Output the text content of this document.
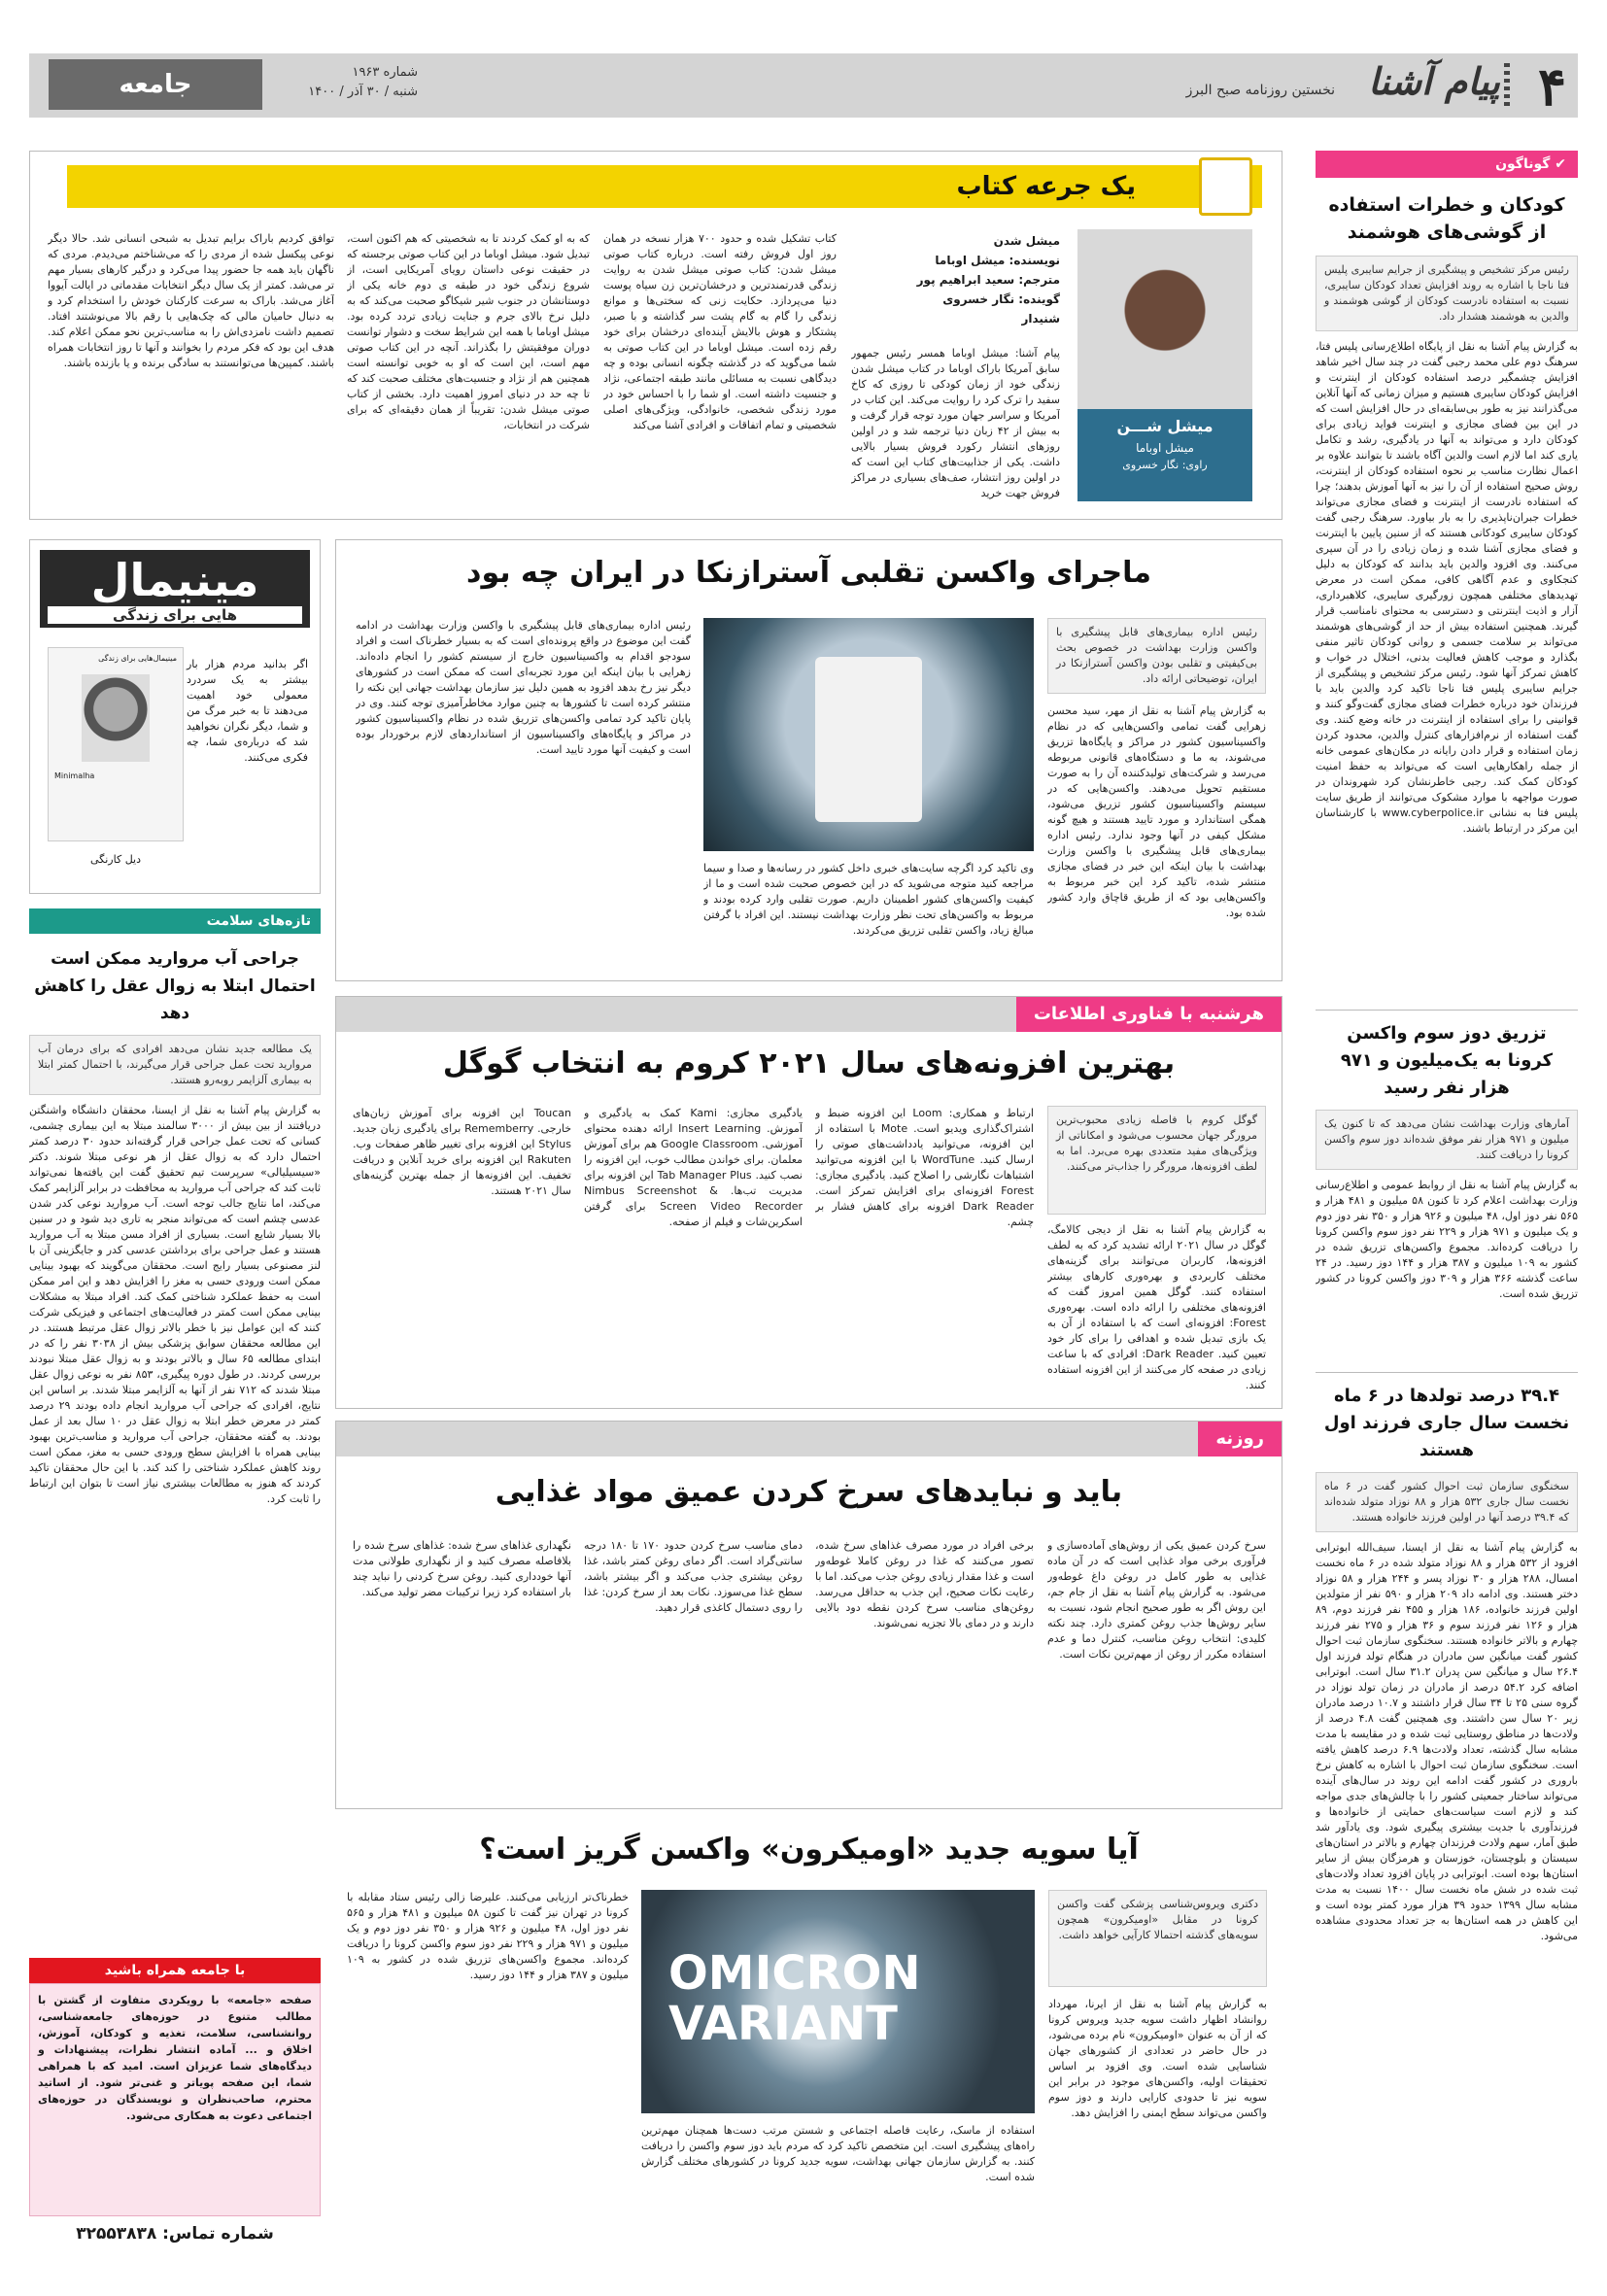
۴
پیام آشنا
نخستین روزنامه صبح البرز
شماره ۱۹۶۳
شنبه / ۳۰ آذر / ۱۴۰۰
جامعه
✔ گوناگون
کودکان و خطرات استفاده از گوشی‌های هوشمند
رئیس مرکز تشخیص و پیشگیری از جرایم سایبری پلیس فتا ناجا با اشاره به روند افزایش تعداد کودکان سایبری، نسبت به استفاده نادرست کودکان از گوشی هوشمند و والدین به هوشمند هشدار داد.
به گزارش پیام آشنا به نقل از پایگاه اطلاع‌رسانی پلیس فتا، سرهنگ دوم علی محمد رجبی گفت در چند سال اخیر شاهد افزایش چشمگیر درصد استفاده کودکان از اینترنت و افزایش کودکان سایبری هستیم و میزان زمانی که آنها آنلاین می‌گذرانند نیز به طور بی‌سابقه‌ای در حال افزایش است که در این بین فضای مجازی و اینترنت فواید زیادی برای کودکان دارد و می‌تواند به آنها در یادگیری، رشد و تکامل یاری کند اما لازم است والدین آگاه باشند تا بتوانند علاوه بر اعمال نظارت مناسب بر نحوه استفاده کودکان از اینترنت، روش صحیح استفاده از آن را نیز به آنها آموزش بدهند؛ چرا که استفاده نادرست از اینترنت و فضای مجازی می‌تواند خطرات جبران‌ناپذیری را به بار بیاورد. سرهنگ رجبی گفت کودکان سایبری کودکانی هستند که از سنین پایین با اینترنت و فضای مجازی آشنا شده و زمان زیادی را در آن سپری می‌کنند. وی افزود والدین باید بدانند که کودکان به دلیل کنجکاوی و عدم آگاهی کافی، ممکن است در معرض تهدیدهای مختلفی همچون زورگیری سایبری، کلاهبرداری، آزار و اذیت اینترنتی و دسترسی به محتوای نامناسب قرار گیرند. همچنین استفاده بیش از حد از گوشی‌های هوشمند می‌تواند بر سلامت جسمی و روانی کودکان تاثیر منفی بگذارد و موجب کاهش فعالیت بدنی، اختلال در خواب و کاهش تمرکز آنها شود. رئیس مرکز تشخیص و پیشگیری از جرایم سایبری پلیس فتا ناجا تاکید کرد والدین باید با فرزندان خود درباره خطرات فضای مجازی گفت‌وگو کنند و قوانینی را برای استفاده از اینترنت در خانه وضع کنند. وی گفت استفاده از نرم‌افزارهای کنترل والدین، محدود کردن زمان استفاده و قرار دادن رایانه در مکان‌های عمومی خانه از جمله راهکارهایی است که می‌تواند به حفظ امنیت کودکان کمک کند. رجبی خاطرنشان کرد شهروندان در صورت مواجهه با موارد مشکوک می‌توانند از طریق سایت پلیس فتا به نشانی www.cyberpolice.ir با کارشناسان این مرکز در ارتباط باشند.
تزریق دوز سوم واکسن کرونا به یک‌میلیون و ۹۷۱ هزار نفر رسید
آمارهای وزارت بهداشت نشان می‌دهد که تا کنون یک میلیون و ۹۷۱ هزار نفر موفق شده‌اند دوز سوم واکسن کرونا را دریافت کنند.
به گزارش پیام آشنا به نقل از روابط عمومی و اطلاع‌رسانی وزارت بهداشت اعلام کرد تا کنون ۵۸ میلیون و ۴۸۱ هزار و ۵۶۵ نفر دوز اول، ۴۸ میلیون و ۹۲۶ هزار و ۳۵۰ نفر دوز دوم و یک میلیون و ۹۷۱ هزار و ۲۲۹ نفر دوز سوم واکسن کرونا را دریافت کرده‌اند. مجموع واکسن‌های تزریق شده در کشور به ۱۰۹ میلیون و ۳۸۷ هزار و ۱۴۴ دوز رسید. در ۲۴ ساعت گذشته ۳۶۶ هزار و ۳۰۹ دوز واکسن کرونا در کشور تزریق شده است.
۳۹.۴ درصد تولدها در ۶ ماه نخست سال جاری فرزند اول هستند
سخنگوی سازمان ثبت احوال کشور گفت در ۶ ماه نخست سال جاری ۵۳۲ هزار و ۸۸ نوزاد متولد شده‌اند که ۳۹.۴ درصد آنها در اولین فرزند خانواده هستند.
به گزارش پیام آشنا به نقل از ایسنا، سیف‌الله ابوترابی افزود از ۵۳۲ هزار و ۸۸ نوزاد متولد شده در ۶ ماه نخست امسال، ۲۸۸ هزار و ۳۰ نوزاد پسر و ۲۴۴ هزار و ۵۸ نوزاد دختر هستند. وی ادامه داد ۲۰۹ هزار و ۵۹۰ نفر از متولدین اولین فرزند خانواده، ۱۸۶ هزار و ۴۵۵ نفر فرزند دوم، ۸۹ هزار و ۱۲۶ نفر فرزند سوم و ۳۶ هزار و ۲۷۵ نفر فرزند چهارم و بالاتر خانواده هستند. سخنگوی سازمان ثبت احوال کشور گفت میانگین سن مادران در هنگام تولد فرزند اول ۲۶.۴ سال و میانگین سن پدران ۳۱.۲ سال است. ابوترابی اضافه کرد ۵۴.۲ درصد از مادران در زمان تولد نوزاد در گروه سنی ۲۵ تا ۳۴ سال قرار داشتند و ۱۰.۷ درصد مادران زیر ۲۰ سال سن داشتند. وی همچنین گفت ۴.۸ درصد از ولادت‌ها در مناطق روستایی ثبت شده و در مقایسه با مدت مشابه سال گذشته، تعداد ولادت‌ها ۶.۹ درصد کاهش یافته است. سخنگوی سازمان ثبت احوال با اشاره به کاهش نرخ باروری در کشور گفت ادامه این روند در سال‌های آینده می‌تواند ساختار جمعیتی کشور را با چالش‌های جدی مواجه کند و لازم است سیاست‌های حمایتی از خانواده‌ها و فرزندآوری با جدیت بیشتری پیگیری شود. وی یادآور شد طبق آمار، سهم ولادت فرزندان چهارم و بالاتر در استان‌های سیستان و بلوچستان، خوزستان و هرمزگان بیش از سایر استان‌ها بوده است. ابوترابی در پایان افزود تعداد ولادت‌های ثبت شده در شش ماه نخست سال ۱۴۰۰ نسبت به مدت مشابه سال ۱۳۹۹ حدود ۳۹ هزار مورد کمتر بوده است و این کاهش در همه استان‌ها به جز تعداد محدودی مشاهده می‌شود.
یک جرعه کتاب
میشل شـــن
میشل اوباما
راوی: نگار خسروی
میشل شدن
نویسنده: میشل اوباما
مترجم: سعید ابراهیم پور
گوینده: نگار خسروی
شنیدار
پیام آشنا: میشل اوباما همسر رئیس جمهور سابق آمریکا باراک اوباما در کتاب میشل شدن زندگی خود از زمان کودکی تا روزی که کاخ سفید را ترک کرد را روایت می‌کند. این کتاب در آمریکا و سراسر جهان مورد توجه قرار گرفت و به بیش از ۴۲ زبان دنیا ترجمه شد و در اولین روزهای انتشار رکورد فروش بسیار بالایی داشت. یکی از جذابیت‌های کتاب این است که در اولین روز انتشار، صف‌های بسیاری در مراکز فروش جهت خرید
کتاب تشکیل شده و حدود ۷۰۰ هزار نسخه در همان روز اول فروش رفته است. درباره کتاب صوتی میشل شدن: کتاب صوتی میشل شدن به روایت زندگی قدرتمندترین و درخشان‌ترین زن سیاه پوست دنیا می‌پردازد. حکایت زنی که سختی‌ها و موانع زندگی را گام به گام پشت سر گذاشته و با صبر، پشتکار و هوش بالایش آینده‌ای درخشان برای خود رقم زده است. میشل اوباما در این کتاب صوتی به شما می‌گوید که در گذشته چگونه انسانی بوده و چه دیدگاهی نسبت به مسائلی مانند طبقه اجتماعی، نژاد و جنسیت داشته است. او شما را با احساس خود در مورد زندگی شخصی، خانوادگی، ویژگی‌های اصلی شخصیتی و تمام اتفاقات و افرادی آشنا می‌کند
که به او کمک کردند تا به شخصیتی که هم اکنون است، تبدیل شود. میشل اوباما در این کتاب صوتی برجسته که در حقیقت نوعی داستان رویای آمریکایی است، از شروع زندگی خود در طبقه ی دوم خانه یکی از دوستانشان در جنوب شیر شیکاگو صحبت می‌کند که به دلیل نرخ بالای جرم و جنایت زیادی تردد کرده بود. میشل اوباما با همه این شرایط سخت و دشوار توانست دوران موفقیتش را بگذراند. آنچه در این کتاب صوتی مهم است، این است که او به خوبی توانسته است همچنین هم از نژاد و جنسیت‌های مختلف صحبت کند که تا چه حد در دنیای امروز اهمیت دارد. بخشی از کتاب صوتی میشل شدن: تقریباً از همان دقیقه‌ای که برای شرکت در انتخابات،
توافق کردیم باراک برایم تبدیل به شبحی انسانی شد. حالا دیگر نوعی پیکسل شده از مردی را که می‌شناختم می‌دیدم. مردی که ناگهان باید همه جا حضور پیدا می‌کرد و درگیر کارهای بسیار مهم تر می‌شد. کمتر از یک سال دیگر انتخابات مقدماتی در ایالت آیووا آغاز می‌شد. باراک به سرعت کارکنان خودش را استخدام کرد و به دنبال حامیان مالی که چک‌هایی با رقم بالا می‌نوشتند افتاد. تصمیم داشت نامزدی‌اش را به مناسب‌ترین نحو ممکن اعلام کند. هدف این بود که فکر مردم را بخوانند و آنها تا روز انتخابات همراه باشند. کمپین‌ها می‌توانستند به سادگی برنده و یا بازنده باشند.
مینیمال
هایی برای زندگی
مینیمال‌هایی برای زندگی
Minimalha
اگر بدانید مردم هزار بار بیشتر به یک سردرد معمولی خود اهمیت می‌دهند تا به خبر مرگ من و شما، دیگر نگران نخواهید شد که درباره‌ی شما، چه فکری می‌کنند.
دیل کارنگی
تازه‌های سلامت
جراحی آب مروارید ممکن است احتمال ابتلا به زوال عقل را کاهش دهد
یک مطالعه جدید نشان می‌دهد افرادی که برای درمان آب مروارید تحت عمل جراحی قرار می‌گیرند، با احتمال کمتر ابتلا به بیماری آلزایمر روبه‌رو هستند.
به گزارش پیام آشنا به نقل از ایسنا، محققان دانشگاه واشنگتن دریافتند از بین بیش از ۳۰۰۰ سالمند مبتلا به این بیماری چشمی، کسانی که تحت عمل جراحی قرار گرفته‌اند حدود ۳۰ درصد کمتر احتمال دارد که به زوال عقل از هر نوعی مبتلا شوند. دکتر «سیسیلیالی» سرپرست تیم تحقیق گفت این یافته‌ها نمی‌تواند ثابت کند که جراحی آب مروارید به محافظت در برابر آلزایمر کمک می‌کند، اما نتایج جالب توجه است. آب مروارید نوعی کدر شدن عدسی چشم است که می‌تواند منجر به تاری دید شود و در سنین بالا بسیار شایع است. بسیاری از افراد مسن مبتلا به آب مروارید هستند و عمل جراحی برای برداشتن عدسی کدر و جایگزینی آن با لنز مصنوعی بسیار رایج است. محققان می‌گویند که بهبود بینایی ممکن است ورودی حسی به مغز را افزایش دهد و این امر ممکن است به حفظ عملکرد شناختی کمک کند. افراد مبتلا به مشکلات بینایی ممکن است کمتر در فعالیت‌های اجتماعی و فیزیکی شرکت کنند که این عوامل نیز با خطر بالاتر زوال عقل مرتبط هستند. در این مطالعه محققان سوابق پزشکی بیش از ۳۰۳۸ نفر را که در ابتدای مطالعه ۶۵ سال و بالاتر بودند و به زوال عقل مبتلا نبودند بررسی کردند. در طول دوره پیگیری، ۸۵۳ نفر به نوعی زوال عقل مبتلا شدند که ۷۱۲ نفر از آنها به آلزایمر مبتلا شدند. بر اساس این نتایج، افرادی که جراحی آب مروارید انجام داده بودند ۲۹ درصد کمتر در معرض خطر ابتلا به زوال عقل در ۱۰ سال بعد از عمل بودند. به گفته محققان، جراحی آب مروارید و مناسب‌ترین بهبود بینایی همراه با افزایش سطح ورودی حسی به مغز، ممکن است روند کاهش عملکرد شناختی را کند کند. با این حال محققان تاکید کردند که هنوز به مطالعات بیشتری نیاز است تا بتوان این ارتباط را ثابت کرد.
با جامعه همراه باشید
صفحه «جامعه» با رویکردی متفاوت از گشتن با مطالب متنوع در حوزه‌های جامعه‌شناسی، روانشناسی، سلامت، تغذیه و کودکان، آموزش، اخلاق و ... آماده انتشار نظرات، پیشنهادات و دیدگاه‌های شما عزیزان است. امید که با همراهی شما، این صفحه پویاتر و غنی‌تر شود. از اساتید محترم، صاحب‌نظران و نویسندگان در حوزه‌های اجتماعی دعوت به همکاری می‌شود.
شماره تماس: ۳۲۵۵۳۸۳۸
ماجرای واکسن تقلبی آسترازنکا در ایران چه بود
رئیس اداره بیماری‌های قابل پیشگیری با واکسن وزارت بهداشت در خصوص بحث بی‌کیفیتی و تقلبی بودن واکسن آسترازنکا در ایران، توضیحاتی ارائه داد.
به گزارش پیام آشنا به نقل از مهر، سید محسن زهرایی گفت تمامی واکسن‌هایی که در نظام واکسیناسیون کشور در مراکز و پایگاه‌ها تزریق می‌شوند، به ما و دستگاه‌های قانونی مربوطه می‌رسد و شرکت‌های تولیدکننده آن را به صورت مستقیم تحویل می‌دهند. واکسن‌هایی که در سیستم واکسیناسیون کشور تزریق می‌شود، همگی استاندارد و مورد تایید هستند و هیچ گونه مشکل کیفی در آنها وجود ندارد. رئیس اداره بیماری‌های قابل پیشگیری با واکسن وزارت بهداشت با بیان اینکه این خبر در فضای مجازی منتشر شده، تاکید کرد این خبر مربوط به واکسن‌هایی بود که از طریق قاچاق وارد کشور شده بود.
وی تاکید کرد اگرچه سایت‌های خبری داخل کشور در رسانه‌ها و صدا و سیما مراجعه کنید متوجه می‌شوید که در این خصوص صحبت شده است و ما از کیفیت واکسن‌های کشور اطمینان داریم. صورت تقلبی وارد کرده بودند و مربوط به واکسن‌های تحت نظر وزارت بهداشت نیستند. این افراد با گرفتن مبالغ زیاد، واکسن تقلبی تزریق می‌کردند.
رئیس اداره بیماری‌های قابل پیشگیری با واکسن وزارت بهداشت در ادامه گفت این موضوع در واقع پرونده‌ای است که به بسیار خطرناک است و افراد سودجو اقدام به واکسیناسیون خارج از سیستم کشور را انجام داده‌اند. زهرایی با بیان اینکه این مورد تجربه‌ای است که ممکن است در کشورهای دیگر نیز رخ بدهد افزود به همین دلیل نیز سازمان بهداشت جهانی این نکته را منتشر کرده است تا کشورها به چنین موارد مخاطرآمیزی توجه کنند. وی در پایان تاکید کرد تمامی واکسن‌های تزریق شده در نظام واکسیناسیون کشور در مراکز و پایگاه‌های واکسیناسیون از استانداردهای لازم برخوردار بوده است و کیفیت آنها مورد تایید است.
هرشنبه با فناوری اطلاعات
بهترین افزونه‌های سال ۲۰۲۱ کروم به انتخاب گوگل
گوگل کروم با فاصله زیادی محبوب‌ترین مرورگر جهان محسوب می‌شود و امکاناتی از ویژگی‌های مفید متعددی بهره می‌برد. اما به لطف افزونه‌ها، مرورگر را جذاب‌تر می‌کنند.
به گزارش پیام آشنا به نقل از دیجی کالامگ، گوگل در سال ۲۰۲۱ ارائه تشدید کرد که به لطف افزونه‌ها، کاربران می‌توانند برای گزینه‌های مختلف کاربردی و بهره‌وری کارهای بیشتر استفاده کنند. گوگل همین امروز گفت که افزونه‌های مختلفی را ارائه داده است. بهره‌وری Forest: افزونه‌ای است که با استفاده از آن به یک بازی تبدیل شده و اهدافی را برای کار خود تعیین کنید. Dark Reader: افرادی که با ساعت زیادی در صفحه کار می‌کنند از این افزونه استفاده کنند.
ارتباط و همکاری: Loom این افزونه ضبط و اشتراک‌گذاری ویدیو است. Mote با استفاده از این افزونه، می‌توانید یادداشت‌های صوتی را ارسال کنید. WordTune با این افزونه می‌توانید اشتباهات نگارشی را اصلاح کنید. یادگیری مجازی: Forest افزونه‌ای برای افزایش تمرکز است. Dark Reader افزونه برای کاهش فشار بر چشم.
یادگیری مجازی: Kami کمک به یادگیری و آموزش. Insert Learning ارائه دهنده محتوای آموزشی. Google Classroom هم برای آموزش معلمان. برای خواندن مطالب خوب، این افزونه را نصب کنید. Tab Manager Plus این افزونه برای مدیریت تب‌ها. Nimbus Screenshot & Screen Video Recorder برای گرفتن اسکرین‌شات و فیلم از صفحه.
Toucan این افزونه برای آموزش زبان‌های خارجی. Rememberry برای یادگیری زبان جدید. Stylus این افزونه برای تغییر ظاهر صفحات وب. Rakuten این افزونه برای خرید آنلاین و دریافت تخفیف. این افزونه‌ها از جمله بهترین گزینه‌های سال ۲۰۲۱ هستند.
روزنه
باید و نبایدهای سرخ کردن عمیق مواد غذایی
سرخ کردن عمیق یکی از روش‌های آماده‌سازی و فرآوری برخی مواد غذایی است که در آن ماده غذایی به طور کامل در روغن داغ غوطه‌ور می‌شود. به گزارش پیام آشنا به نقل از جام جم، این روش اگر به طور صحیح انجام شود، نسبت به سایر روش‌ها جذب روغن کمتری دارد. چند نکته کلیدی: انتخاب روغن مناسب، کنترل دما و عدم استفاده مکرر از روغن از مهم‌ترین نکات است.
برخی افراد در مورد مصرف غذاهای سرخ شده، تصور می‌کنند که غذا در روغن کاملا غوطه‌ور است و غذا مقدار زیادی روغن جذب می‌کند. اما با رعایت نکات صحیح، این جذب به حداقل می‌رسد. روغن‌های مناسب سرخ کردن نقطه دود بالایی دارند و در دمای بالا تجزیه نمی‌شوند.
دمای مناسب سرخ کردن حدود ۱۷۰ تا ۱۸۰ درجه سانتی‌گراد است. اگر دمای روغن کمتر باشد، غذا روغن بیشتری جذب می‌کند و اگر بیشتر باشد، سطح غذا می‌سوزد. نکات بعد از سرخ کردن: غذا را روی دستمال کاغذی قرار دهید.
نگهداری غذاهای سرخ شده: غذاهای سرخ شده را بلافاصله مصرف کنید و از نگهداری طولانی مدت آنها خودداری کنید. روغن سرخ کردنی را نباید چند بار استفاده کرد زیرا ترکیبات مضر تولید می‌کند.
آیا سویه جدید «اومیکرون» واکسن گریز است؟
دکتری ویروس‌شناسی پزشکی گفت واکسن کرونا در مقابل «اومیکرون» همچون سویه‌های گذشته احتمالا کارآیی خواهد داشت.
به گزارش پیام آشنا به نقل از ایرنا، مهرداد روانشاد اظهار داشت سویه جدید ویروس کرونا که از آن به عنوان «اومیکرون» نام برده می‌شود، در حال حاضر در تعدادی از کشورهای جهان شناسایی شده است. وی افزود بر اساس تحقیقات اولیه، واکسن‌های موجود در برابر این سویه نیز تا حدودی کارایی دارند و دوز سوم واکسن می‌تواند سطح ایمنی را افزایش دهد.
OMICRON
VARIANT
استفاده از ماسک، رعایت فاصله اجتماعی و شستن مرتب دست‌ها همچنان مهم‌ترین راه‌های پیشگیری است. این متخصص تاکید کرد که مردم باید دوز سوم واکسن را دریافت کنند. به گزارش سازمان جهانی بهداشت، سویه جدید کرونا در کشورهای مختلف گزارش شده است.
خطرناک‌تر ارزیابی می‌کنند. علیرضا زالی رئیس ستاد مقابله با کرونا در تهران نیز گفت تا کنون ۵۸ میلیون و ۴۸۱ هزار و ۵۶۵ نفر دوز اول، ۴۸ میلیون و ۹۲۶ هزار و ۳۵۰ نفر دوز دوم و یک میلیون و ۹۷۱ هزار و ۲۲۹ نفر دوز سوم واکسن کرونا را دریافت کرده‌اند. مجموع واکسن‌های تزریق شده در کشور به ۱۰۹ میلیون و ۳۸۷ هزار و ۱۴۴ دوز رسید.
